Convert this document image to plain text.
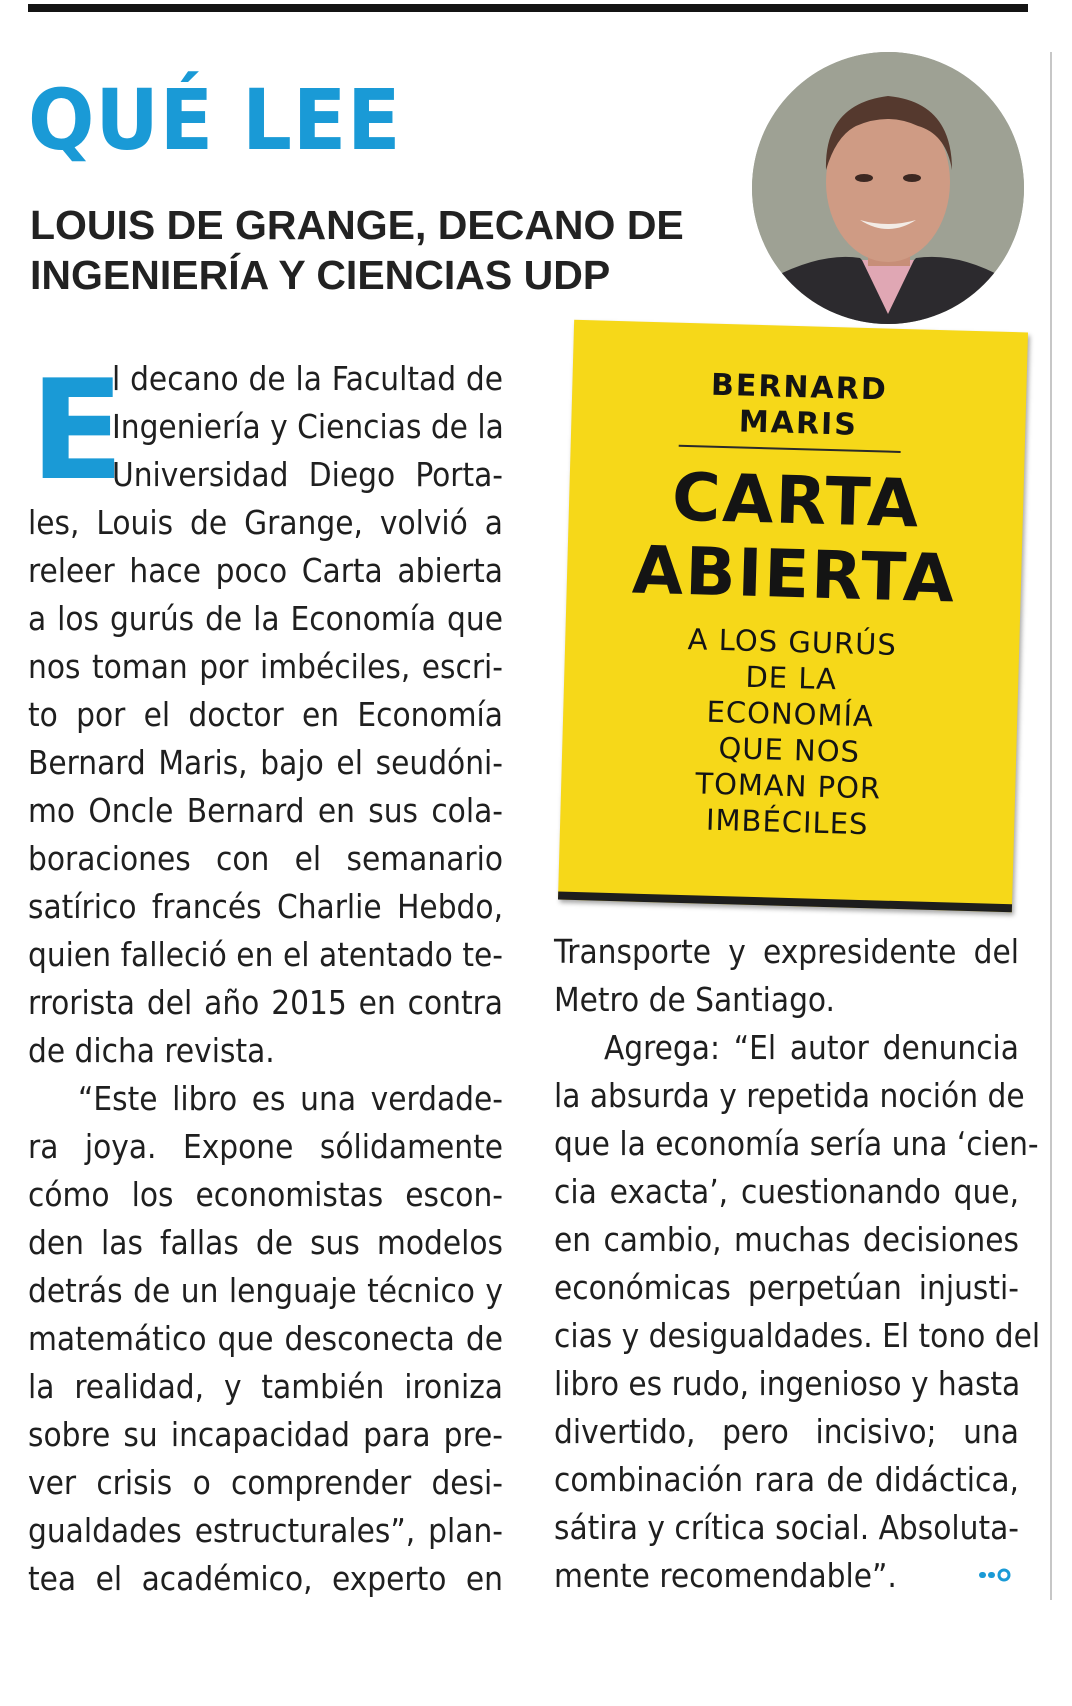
QUÉ LEE
LOUIS DE GRANGE, DECANO DE
INGENIERÍA Y CIENCIAS UDP
BERNARD
MARIS
CARTA
ABIERTA
A LOS GURÚS
DE LA
ECONOMÍA
QUE NOS
TOMAN POR
IMBÉCILES
E
l decano de la Facultad de
Ingeniería y Ciencias de la
Universidad Diego Porta-
les, Louis de Grange, volvió a
releer hace poco Carta abierta
a los gurús de la Economía que
nos toman por imbéciles, escri-
to por el doctor en Economía
Bernard Maris, bajo el seudóni-
mo Oncle Bernard en sus cola-
boraciones con el semanario
satírico francés Charlie Hebdo,
quien falleció en el atentado te-
rrorista del año 2015 en contra
de dicha revista.
“Este libro es una verdade-
ra joya. Expone sólidamente
cómo los economistas escon-
den las fallas de sus modelos
detrás de un lenguaje técnico y
matemático que desconecta de
la realidad, y también ironiza
sobre su incapacidad para pre-
ver crisis o comprender desi-
gualdades estructurales”, plan-
tea el académico, experto en
Transporte y expresidente del
Metro de Santiago.
Agrega: “El autor denuncia
la absurda y repetida noción de
que la economía sería una ‘cien-
cia exacta’, cuestionando que,
en cambio, muchas decisiones
económicas perpetúan injusti-
cias y desigualdades. El tono del
libro es rudo, ingenioso y hasta
divertido, pero incisivo; una
combinación rara de didáctica,
sátira y crítica social. Absoluta-
mente recomendable”.
